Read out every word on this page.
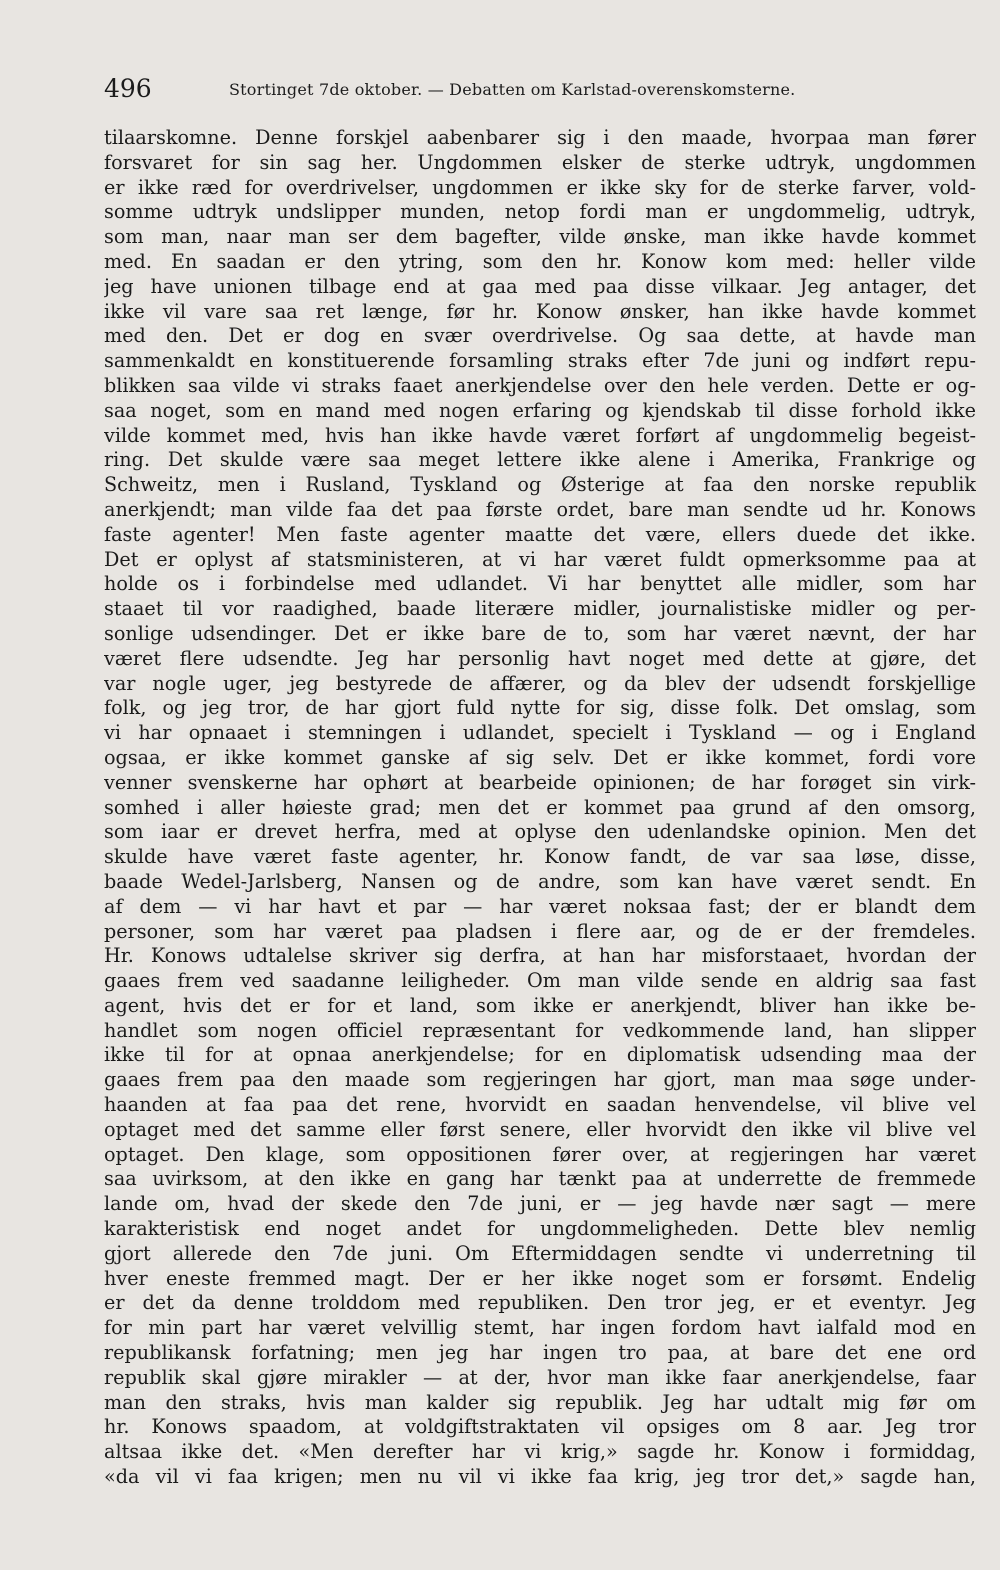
496	Stortinget 7de oktober. — Debatten om Karlstad-overenskomsterne.
tilaarskomne. Denne forskjel aabenbarer sig i den maade, hvorpaa man fører
forsvaret for sin sag her. Ungdommen elsker de sterke udtryk, ungdommen
er ikke ræd for overdrivelser, ungdommen er ikke sky for de sterke farver, vold-
somme udtryk undslipper munden, netop fordi man er ungdommelig, udtryk,
som man, naar man ser dem bagefter, vilde ønske, man ikke havde kommet
med. En saadan er den ytring, som den hr. Konow kom med: heller vilde
jeg have unionen tilbage end at gaa med paa disse vilkaar. Jeg antager, det
ikke vil vare saa ret længe, før hr. Konow ønsker, han ikke havde kommet
med den. Det er dog en svær overdrivelse. Og saa dette, at havde man
sammenkaldt en konstituerende forsamling straks efter 7de juni og indført repu-
blikken saa vilde vi straks faaet anerkjendelse over den hele verden. Dette er og-
saa noget, som en mand med nogen erfaring og kjendskab til disse forhold ikke
vilde kommet med, hvis han ikke havde været forført af ungdommelig begeist-
ring. Det skulde være saa meget lettere ikke alene i Amerika, Frankrige og
Schweitz, men i Rusland, Tyskland og Østerige at faa den norske republik
anerkjendt; man vilde faa det paa første ordet, bare man sendte ud hr. Konows
faste agenter! Men faste agenter maatte det være, ellers duede det ikke.
Det er oplyst af statsministeren, at vi har været fuldt opmerksomme paa at
holde os i forbindelse med udlandet. Vi har benyttet alle midler, som har
staaet til vor raadighed, baade literære midler, journalistiske midler og per-
sonlige udsendinger. Det er ikke bare de to, som har været nævnt, der har
været flere udsendte. Jeg har personlig havt noget med dette at gjøre, det
var nogle uger, jeg bestyrede de affærer, og da blev der udsendt forskjellige
folk, og jeg tror, de har gjort fuld nytte for sig, disse folk. Det omslag, som
vi har opnaaet i stemningen i udlandet, specielt i Tyskland — og i England
ogsaa, er ikke kommet ganske af sig selv. Det er ikke kommet, fordi vore
venner svenskerne har ophørt at bearbeide opinionen; de har forøget sin virk-
somhed i aller høieste grad; men det er kommet paa grund af den omsorg,
som iaar er drevet herfra, med at oplyse den udenlandske opinion. Men det
skulde have været faste agenter, hr. Konow fandt, de var saa løse, disse,
baade Wedel-Jarlsberg, Nansen og de andre, som kan have været sendt. En
af dem — vi har havt et par — har været noksaa fast; der er blandt dem
personer, som har været paa pladsen i flere aar, og de er der fremdeles.
Hr. Konows udtalelse skriver sig derfra, at han har misforstaaet, hvordan der
gaaes frem ved saadanne leiligheder. Om man vilde sende en aldrig saa fast
agent, hvis det er for et land, som ikke er anerkjendt, bliver han ikke be-
handlet som nogen officiel repræsentant for vedkommende land, han slipper
ikke til for at opnaa anerkjendelse; for en diplomatisk udsending maa der
gaaes frem paa den maade som regjeringen har gjort, man maa søge under-
haanden at faa paa det rene, hvorvidt en saadan henvendelse, vil blive vel
optaget med det samme eller først senere, eller hvorvidt den ikke vil blive vel
optaget. Den klage, som oppositionen fører over, at regjeringen har været
saa uvirksom, at den ikke en gang har tænkt paa at underrette de fremmede
lande om, hvad der skede den 7de juni, er — jeg havde nær sagt — mere
karakteristisk end noget andet for ungdommeligheden. Dette blev nemlig
gjort allerede den 7de juni. Om Eftermiddagen sendte vi underretning til
hver eneste fremmed magt. Der er her ikke noget som er forsømt. Endelig
er det da denne trolddom med republiken. Den tror jeg, er et eventyr. Jeg
for min part har været velvillig stemt, har ingen fordom havt ialfald mod en
republikansk forfatning; men jeg har ingen tro paa, at bare det ene ord
republik skal gjøre mirakler — at der, hvor man ikke faar anerkjendelse, faar
man den straks, hvis man kalder sig republik. Jeg har udtalt mig før om
hr. Konows spaadom, at voldgiftstraktaten vil opsiges om 8 aar. Jeg tror
altsaa ikke det. «Men derefter har vi krig,» sagde hr. Konow i formiddag,
«da vil vi faa krigen; men nu vil vi ikke faa krig, jeg tror det,» sagde han,
